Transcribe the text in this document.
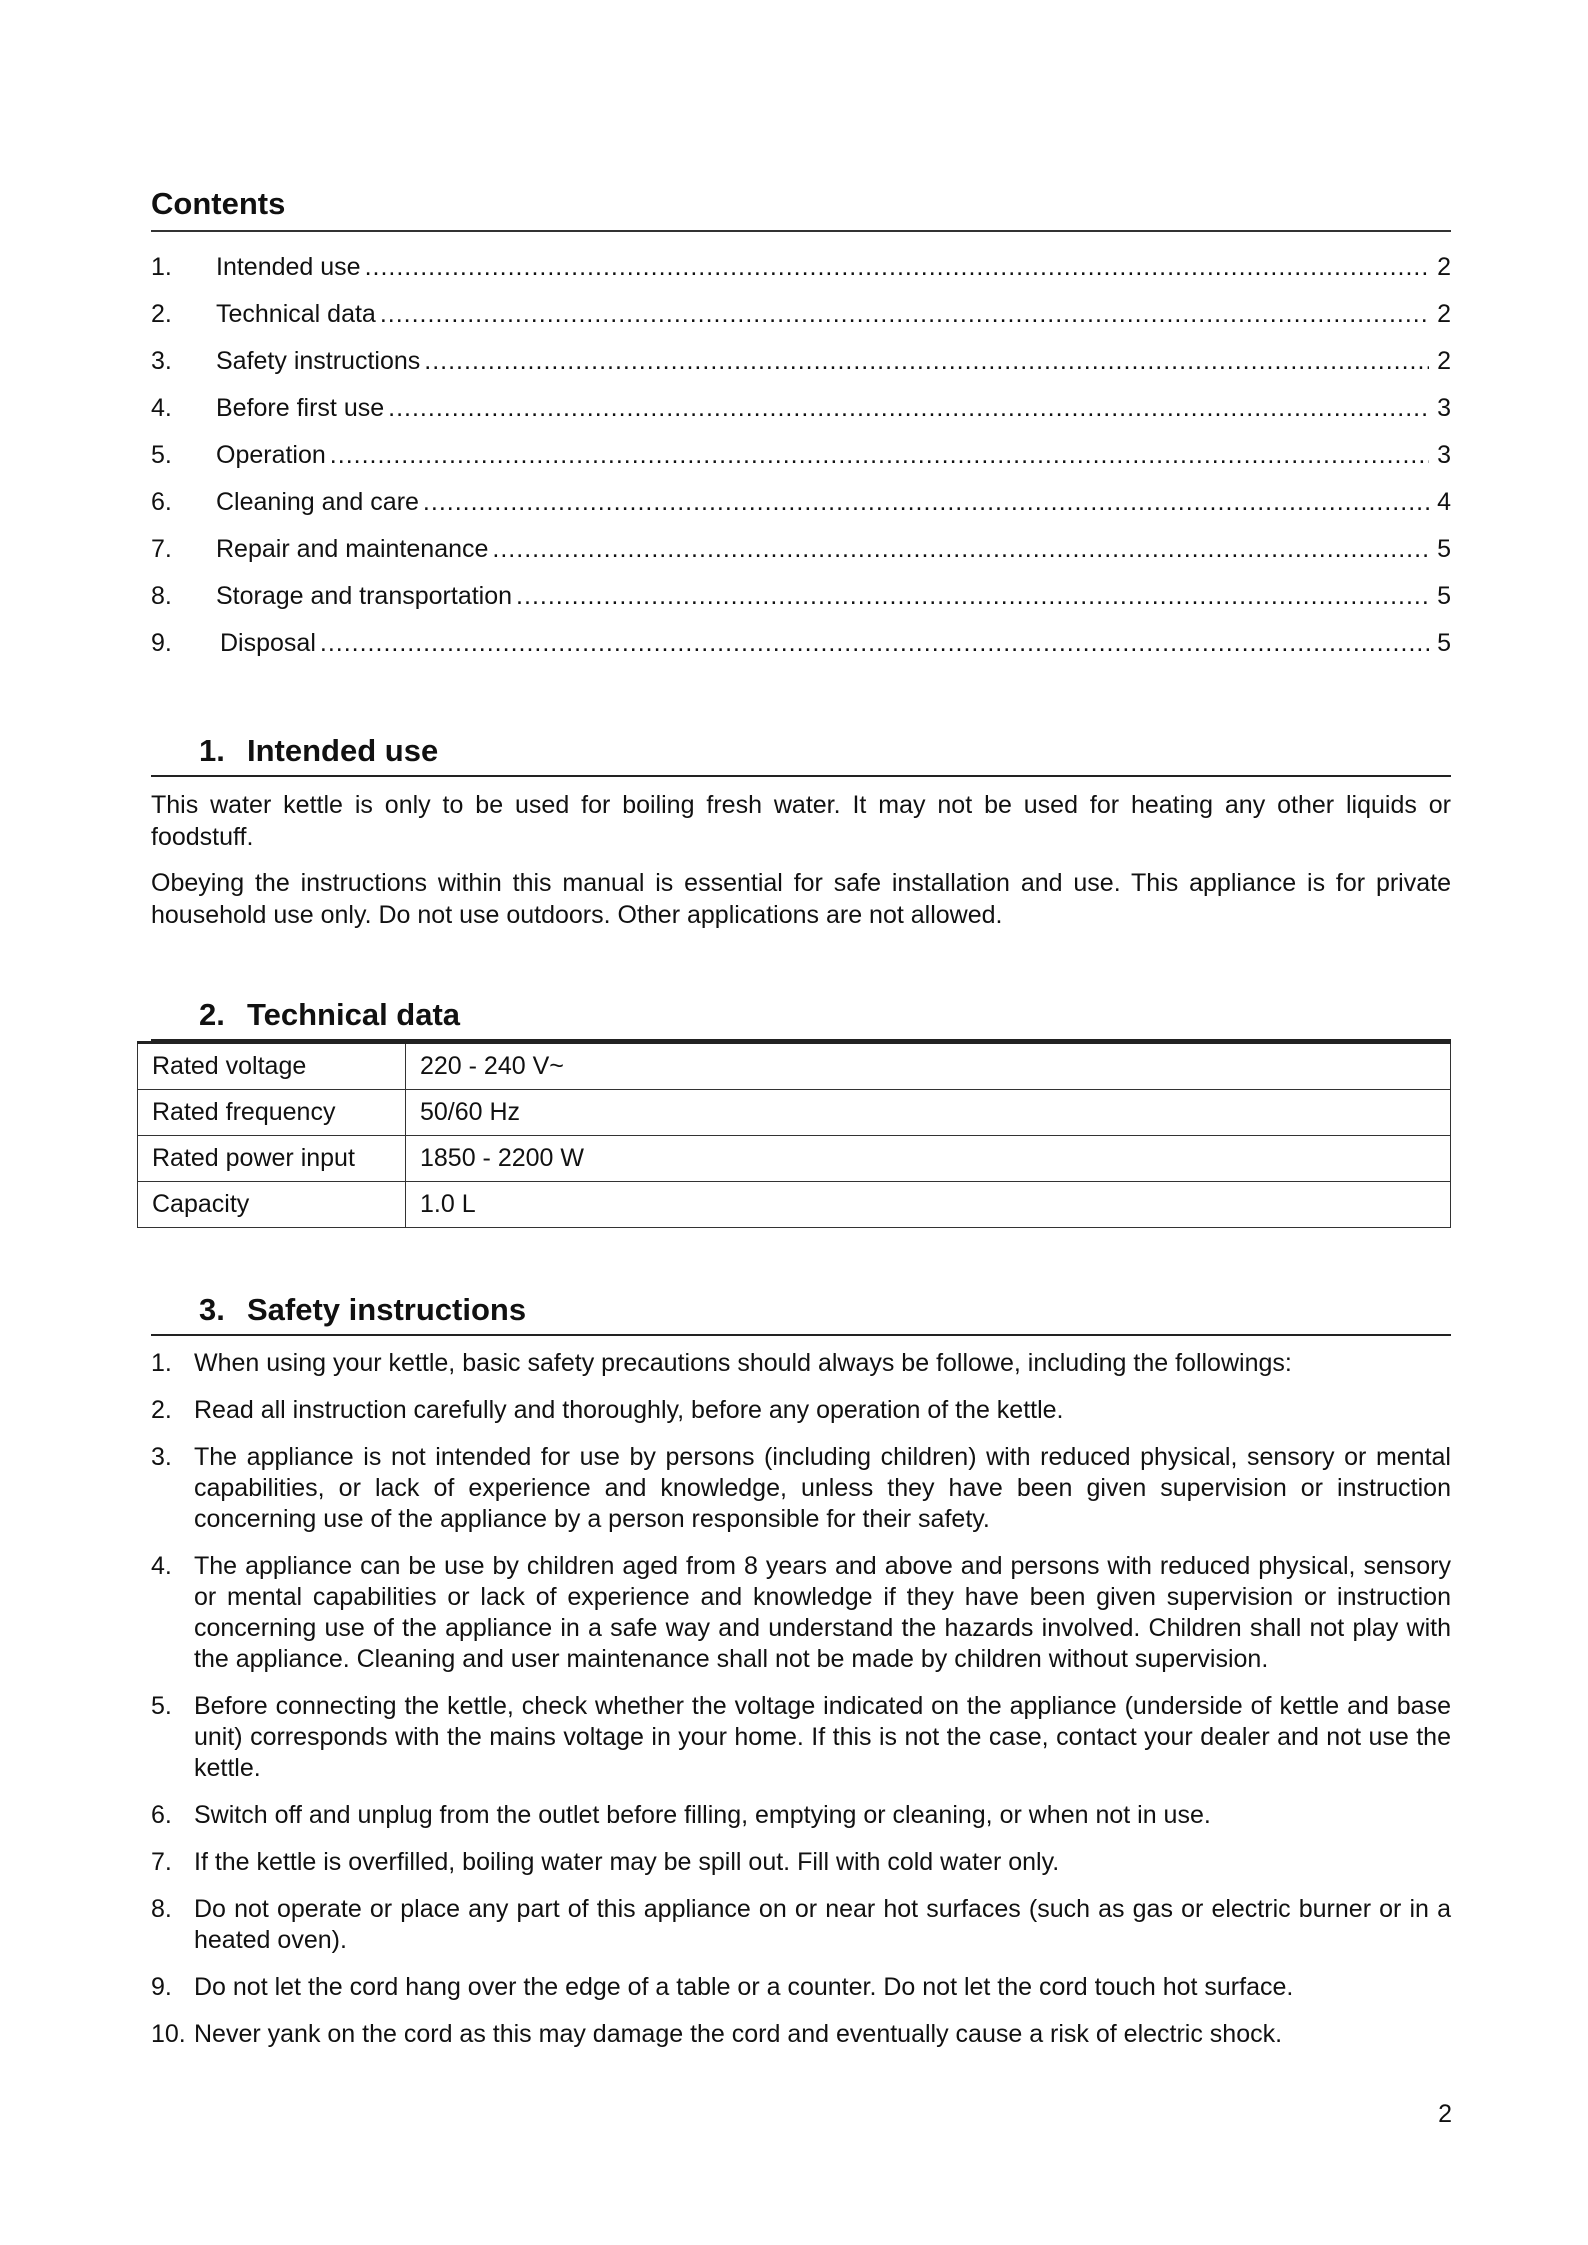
Contents
1.	Intended use .....	2
2.	Technical data .....	2
3.	Safety instructions .....	2
4.	Before first use .....	3
5.	Operation .....	3
6.	Cleaning and care .....	4
7.	Repair and maintenance .....	5
8.	Storage and transportation .....	5
9.	Disposal .....	5
1. Intended use

This water kettle is only to be used for boiling fresh water. It may not be used for heating any other liquids or foodstuff.

Obeying the instructions within this manual is essential for safe installation and use. This appliance is for private household use only. Do not use outdoors. Other applications are not allowed.

2. Technical data
Rated voltage	220 - 240 V~
Rated frequency	50/60 Hz
Rated power input	1850 - 2200 W
Capacity	1.0 L
3. Safety instructions
1. When using your kettle, basic safety precautions should always be followe, including the followings:
2. Read all instruction carefully and thoroughly, before any operation of the kettle.
3. The appliance is not intended for use by persons (including children) with reduced physical, sensory or mental capabilities, or lack of experience and knowledge, unless they have been given supervision or instruction concerning use of the appliance by a person responsible for their safety.
4. The appliance can be use by children aged from 8 years and above and persons with reduced physical, sensory or mental capabilities or lack of experience and knowledge if they have been given supervision or instruction concerning use of the appliance in a safe way and understand the hazards involved. Children shall not play with the appliance. Cleaning and user maintenance shall not be made by children without supervision.
5. Before connecting the kettle, check whether the voltage indicated on the appliance (underside of kettle and base unit) corresponds with the mains voltage in your home. If this is not the case, contact your dealer and not use the kettle.
6. Switch off and unplug from the outlet before filling, emptying or cleaning, or when not in use.
7. If the kettle is overfilled, boiling water may be spill out. Fill with cold water only.
8. Do not operate or place any part of this appliance on or near hot surfaces (such as gas or electric burner or in a heated oven).
9. Do not let the cord hang over the edge of a table or a counter. Do not let the cord touch hot surface.
10. Never yank on the cord as this may damage the cord and eventually cause a risk of electric shock.
2
